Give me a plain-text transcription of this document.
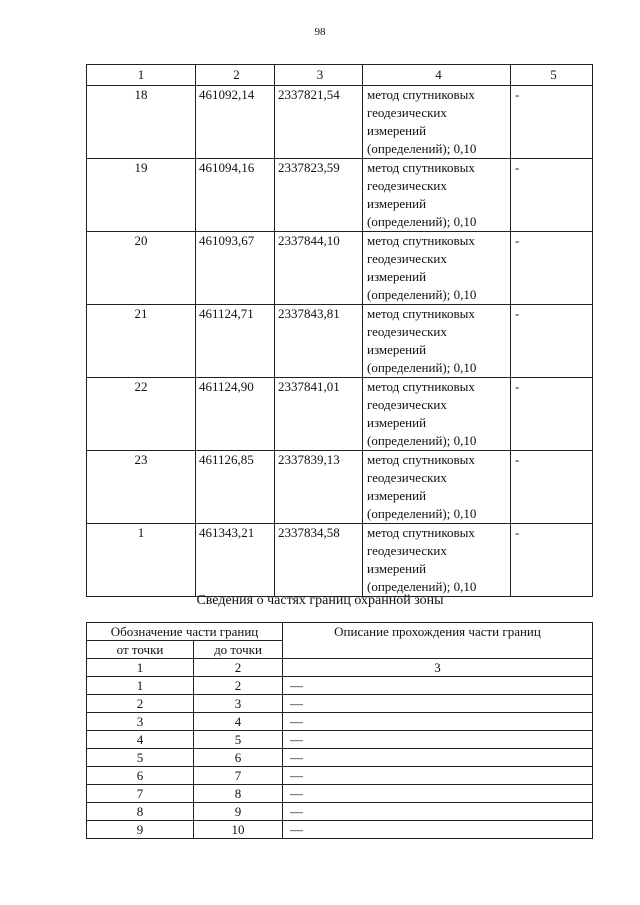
98
1	2	3	4	5
18	461092,14	2337821,54	метод спутниковых
геодезических
измерений
(определений); 0,10	-
19	461094,16	2337823,59	метод спутниковых
геодезических
измерений
(определений); 0,10	-
20	461093,67	2337844,10	метод спутниковых
геодезических
измерений
(определений); 0,10	-
21	461124,71	2337843,81	метод спутниковых
геодезических
измерений
(определений); 0,10	-
22	461124,90	2337841,01	метод спутниковых
геодезических
измерений
(определений); 0,10	-
23	461126,85	2337839,13	метод спутниковых
геодезических
измерений
(определений); 0,10	-
1	461343,21	2337834,58	метод спутниковых
геодезических
измерений
(определений); 0,10	-
Сведения о частях границ охранной зоны
Обозначение части границ		Описание прохождения части границ
от точки	до точки	
1	2	3
1	2	—
2	3	—
3	4	—
4	5	—
5	6	—
6	7	—
7	8	—
8	9	—
9	10	—
